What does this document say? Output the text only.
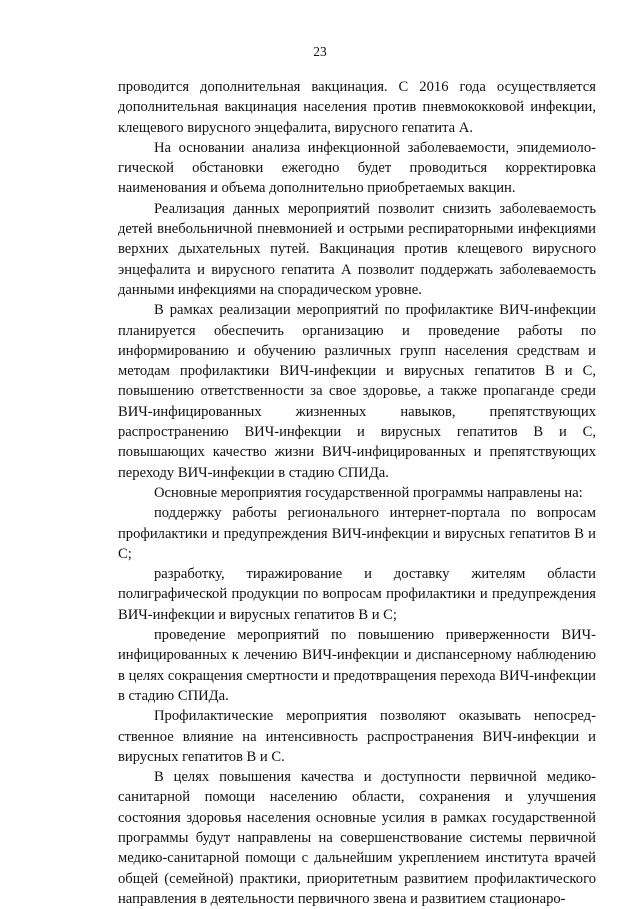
23

проводится дополнительная вакцинация. С 2016 года осуществляется дополнительная вакцинация населения против пневмококковой инфекции, клещевого вирусного энцефалита, вирусного гепатита А.

На основании анализа инфекционной заболеваемости, эпидемиологической обстановки ежегодно будет проводиться корректировка наименования и объема дополнительно приобретаемых вакцин.

Реализация данных мероприятий позволит снизить заболеваемость детей внебольничной пневмонией и острыми респираторными инфекциями верхних дыхательных путей. Вакцинация против клещевого вирусного энцефалита и вирусного гепатита А позволит поддержать заболеваемость данными инфекциями на спорадическом уровне.

В рамках реализации мероприятий по профилактике ВИЧ-инфекции планируется обеспечить организацию и проведение работы по информированию и обучению различных групп населения средствам и методам профилактики ВИЧ-инфекции и вирусных гепатитов В и С, повышению ответственности за свое здоровье, а также пропаганде среди ВИЧ-инфицированных жизненных навыков, препятствующих распространению ВИЧ-инфекции и вирусных гепатитов В и С, повышающих качество жизни ВИЧ-инфицированных и препятствующих переходу ВИЧ-инфекции в стадию СПИДа.

Основные мероприятия государственной программы направлены на:

поддержку работы регионального интернет-портала по вопросам профилактики и предупреждения ВИЧ-инфекции и вирусных гепатитов В и С;

разработку, тиражирование и доставку жителям области полиграфической продукции по вопросам профилактики и предупреждения ВИЧ-инфекции и вирусных гепатитов В и С;

проведение мероприятий по повышению приверженности ВИЧ-инфицированных к лечению ВИЧ-инфекции и диспансерному наблюдению в целях сокращения смертности и предотвращения перехода ВИЧ-инфекции в стадию СПИДа.

Профилактические мероприятия позволяют оказывать непосредственное влияние на интенсивность распространения ВИЧ-инфекции и вирусных гепатитов В и С.

В целях повышения качества и доступности первичной медико-санитарной помощи населению области, сохранения и улучшения состояния здоровья населения основные усилия в рамках государственной программы будут направлены на совершенствование системы первичной медико-санитарной помощи с дальнейшим укреплением института врачей общей (семейной) практики, приоритетным развитием профилактического направления в деятельности первичного звена и развитием стационаро-
